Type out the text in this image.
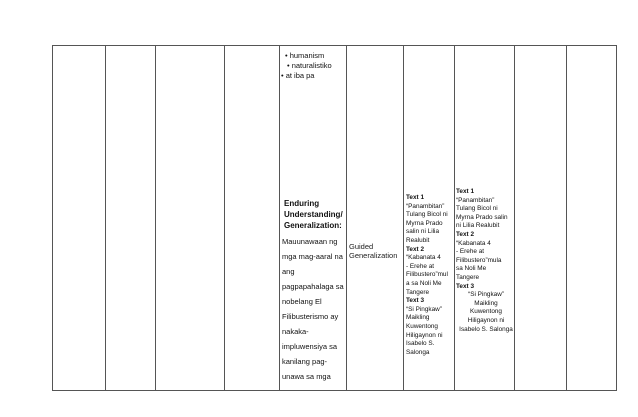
• humanism
• naturalistiko
• at iba pa
Enduring
Understanding/
Generalization:
Mauunawaan ng
mga mag-aaral na
ang
pagpapahalaga sa
nobelang El
Filibusterismo ay
nakaka-
impluwensiya sa
kanilang pag-
unawa sa mga
Guided
Generalization
Text 1
“Panambitan”
Tulang Bicol ni
Myrna Prado
salin ni Lilia
Realubit
Text 2
“Kabanata 4
- Erehe at
Filibustero”mul
a sa Noli Me
Tangere
Text 3
“Si Pingkaw”
Maikling
Kuwentong
Hiligaynon ni
Isabelo S.
Salonga
Text 1
“Panambitan”
Tulang Bicol ni
Myrna Prado salin
ni Lilia Realubit
Text 2
“Kabanata 4
- Erehe at
Filibustero”mula
sa Noli Me
Tangere
Text 3
“Si Pingkaw”
Maikling
Kuwentong
Hiligaynon ni
Isabelo S. Salonga
